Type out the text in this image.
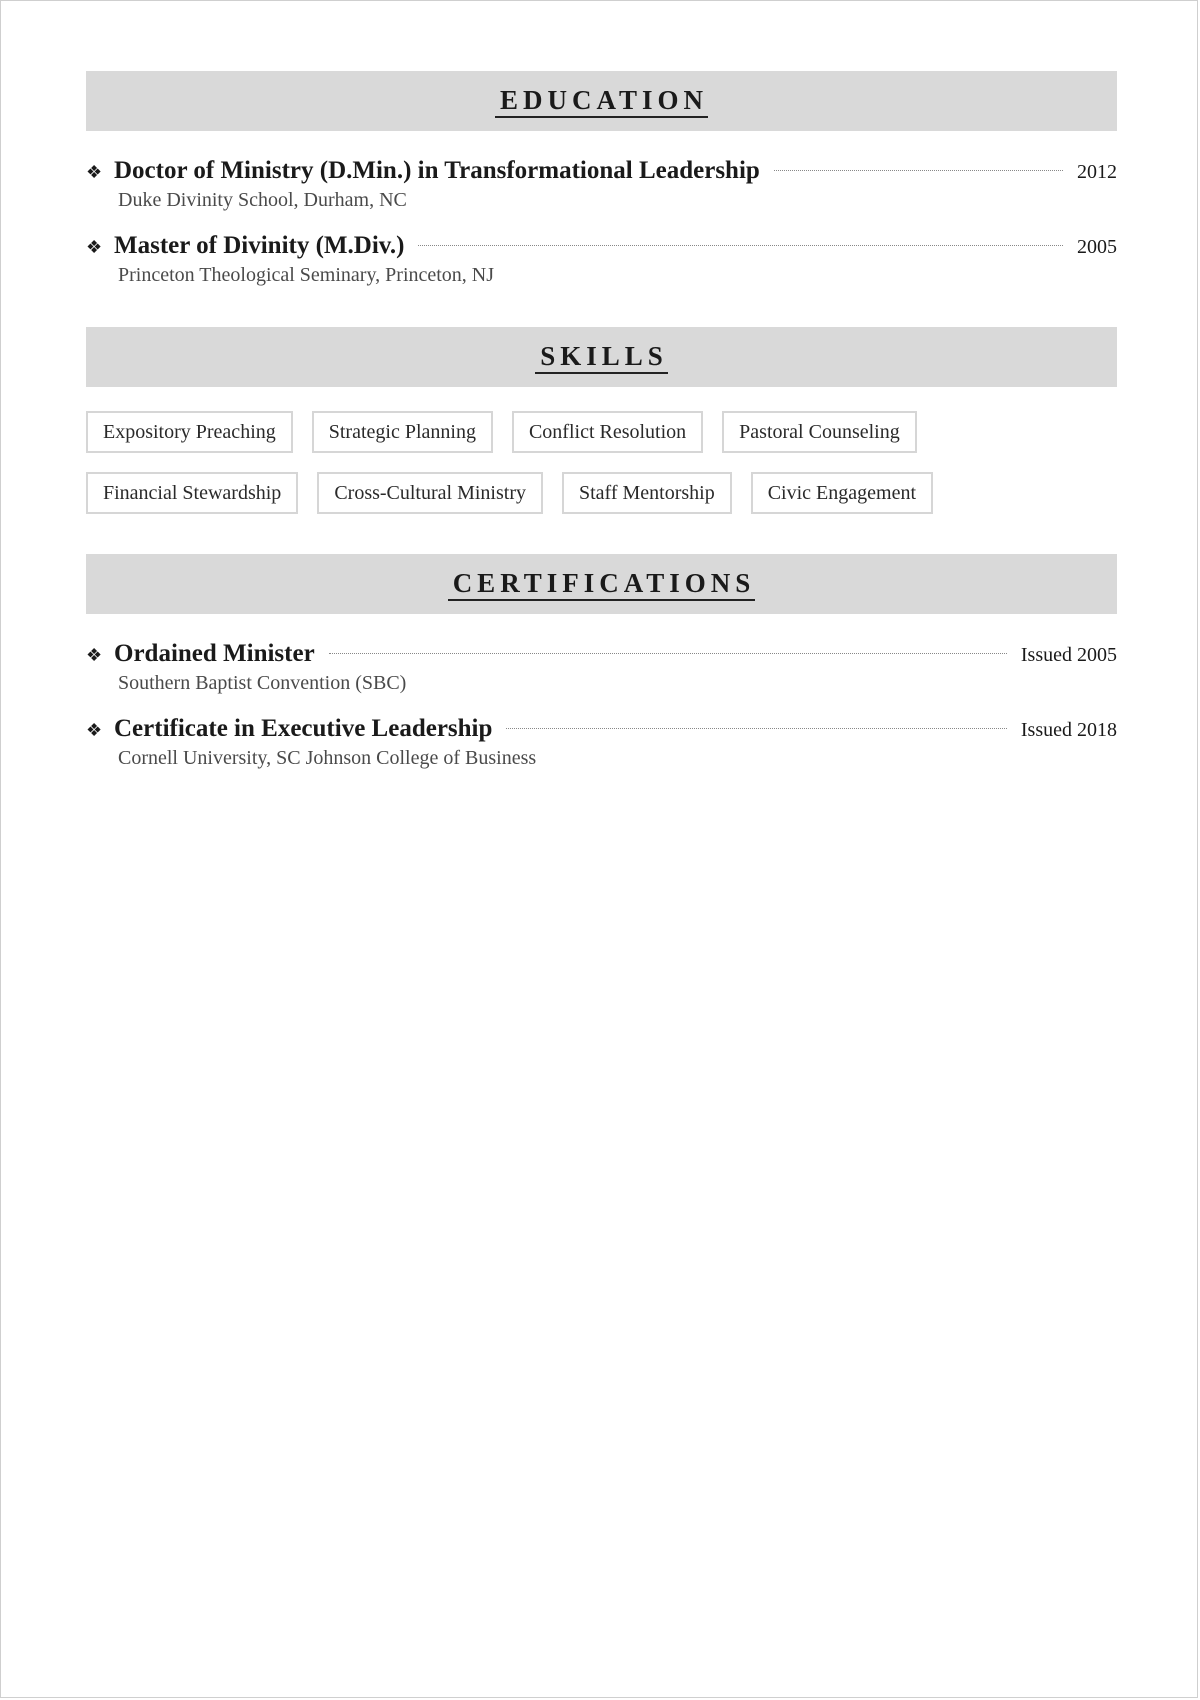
EDUCATION
❖ Doctor of Ministry (D.Min.) in Transformational Leadership	2012
Duke Divinity School, Durham, NC
❖ Master of Divinity (M.Div.)	2005
Princeton Theological Seminary, Princeton, NJ
SKILLS
Expository Preaching	Strategic Planning	Conflict Resolution	Pastoral Counseling
Financial Stewardship	Cross-Cultural Ministry	Staff Mentorship	Civic Engagement
CERTIFICATIONS
❖ Ordained Minister	Issued 2005
Southern Baptist Convention (SBC)
❖ Certificate in Executive Leadership	Issued 2018
Cornell University, SC Johnson College of Business
